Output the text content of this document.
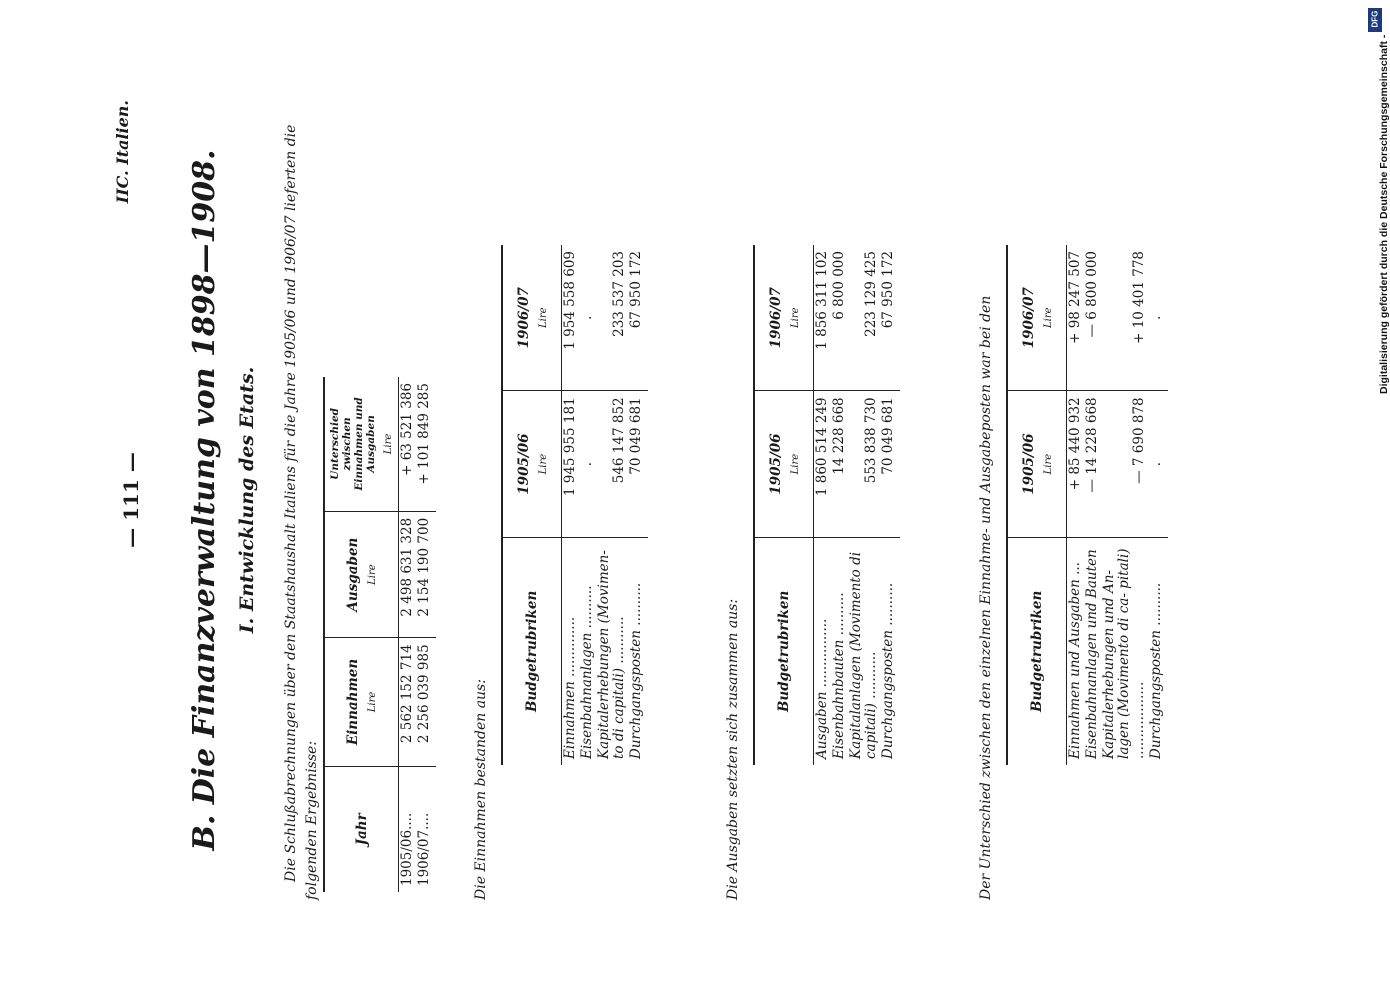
— 111 —
IIC. Italien. B. Die Finanzverwaltung von 1898—1908. I. Entwicklung des Etats. Die Schlußabrechnungen über den Staatshaushalt Italiens für die Jahre 1905/06 und 1906/07 lieferten die folgenden Ergebnisse: Jahr	Einnahmen Lire	Ausgaben Lire	Unterschied zwischen Einnahmen und Ausgaben Lire

1905/06....	2 562 152 714	2 498 631 328	+ 63 521 386
1906/07....	2 256 039 985	2 154 190 700	+ 101 849 285
Die Einnahmen bestanden aus:
Budgetrubriken	1905/06 Lire	1906/07 Lire

Einnahmen ..............	1 945 955 181	1 954 558 609
Eisenbahnanlagen ..........	.	.
Kapitalerhebungen (Movimen- to di capitali) ...........	546 147 852	233 537 203
Durchgangsposten ..........	70 049 681	67 950 172
Die Ausgaben setzten sich zusammen aus:	Budgetrubriken	1905/06 Lire	1906/07 Lire

Ausgaben ................	1 860 514 249	1 856 311 102
Eisenbahnbauten ..........	14 228 668	6 800 000
Kapitalanlagen (Movimento di capitali) ...........	553 838 730	223 129 425
Durchgangsposten ..........	70 049 681	67 950 172
Der Unterschied zwischen den einzelnen Einnahme- und Ausgabeposten war bei den	Budgetrubriken	1905/06 Lire	1906/07 Lire

Einnahmen und Ausgaben ...	+ 85 440 932	+ 98 247 507
Eisenbahnanlagen und Bauten	— 14 228 668	— 6 800 000
Kapitalerhebungen und An- lagen (Movimento di ca- pitali) ..................	— 7 690 878	+ 10 401 778
Durchgangsposten ..........	.	.
DFG
Digitalisierung gefördert durch die Deutsche Forschungsgemeinschaft -
